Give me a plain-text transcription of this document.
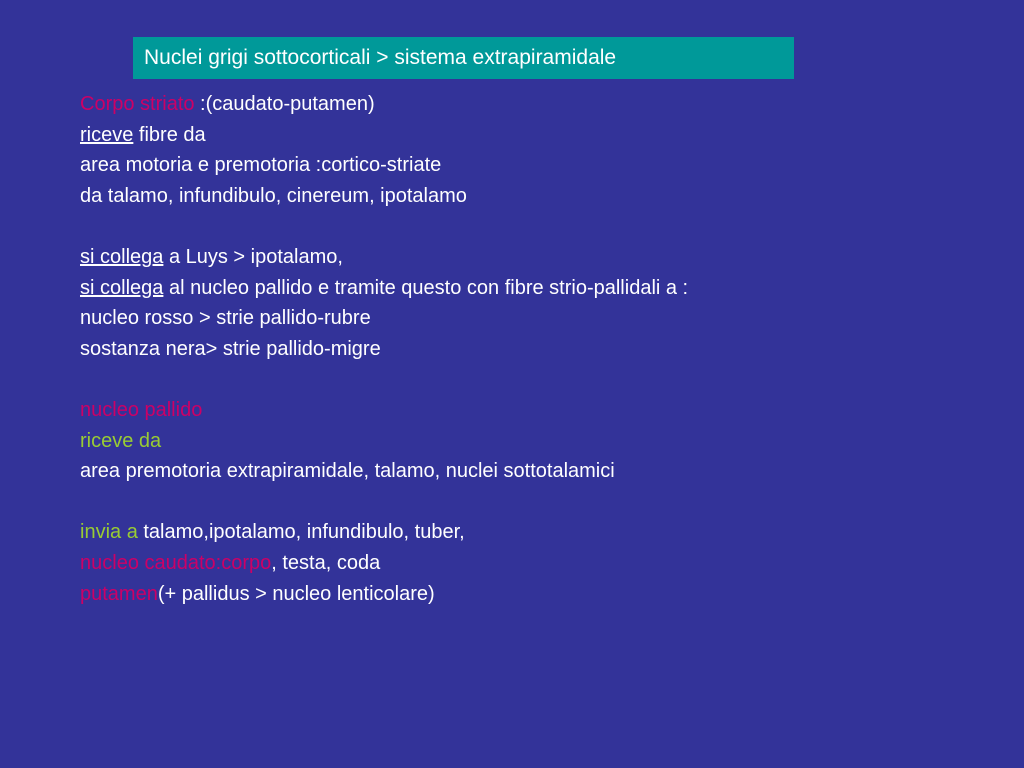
Nuclei grigi sottocorticali > sistema extrapiramidale
Corpo striato :(caudato-putamen)
riceve fibre da
area motoria e premotoria :cortico-striate
da talamo, infundibulo, cinereum, ipotalamo
si collega a Luys > ipotalamo,
si collega al nucleo pallido e tramite questo con fibre strio-pallidali a :
nucleo rosso > strie pallido-rubre
sostanza nera> strie pallido-migre
nucleo pallido
riceve da
area premotoria extrapiramidale, talamo, nuclei sottotalamici
invia a talamo,ipotalamo, infundibulo, tuber,
nucleo caudato:corpo, testa, coda
putamen(+ pallidus > nucleo lenticolare)
